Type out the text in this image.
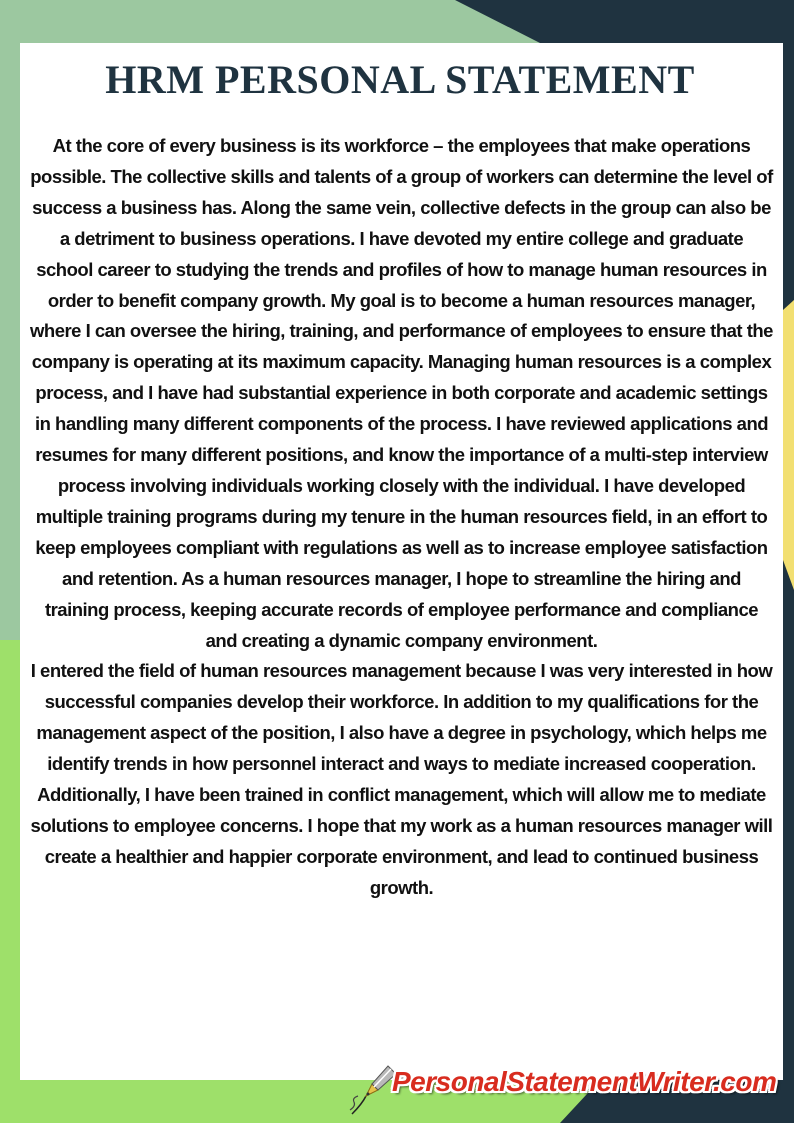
HRM PERSONAL STATEMENT

At the core of every business is its workforce – the employees that make operations possible. The collective skills and talents of a group of workers can determine the level of success a business has. Along the same vein, collective defects in the group can also be a detriment to business operations. I have devoted my entire college and graduate school career to studying the trends and profiles of how to manage human resources in order to benefit company growth. My goal is to become a human resources manager, where I can oversee the hiring, training, and performance of employees to ensure that the company is operating at its maximum capacity. Managing human resources is a complex process, and I have had substantial experience in both corporate and academic settings in handling many different components of the process. I have reviewed applications and resumes for many different positions, and know the importance of a multi-step interview process involving individuals working closely with the individual. I have developed multiple training programs during my tenure in the human resources field, in an effort to keep employees compliant with regulations as well as to increase employee satisfaction and retention. As a human resources manager, I hope to streamline the hiring and training process, keeping accurate records of employee performance and compliance and creating a dynamic company environment.

I entered the field of human resources management because I was very interested in how successful companies develop their workforce. In addition to my qualifications for the management aspect of the position, I also have a degree in psychology, which helps me identify trends in how personnel interact and ways to mediate increased cooperation. Additionally, I have been trained in conflict management, which will allow me to mediate solutions to employee concerns. I hope that my work as a human resources manager will create a healthier and happier corporate environment, and lead to continued business growth.

PersonalStatementWriter.com
